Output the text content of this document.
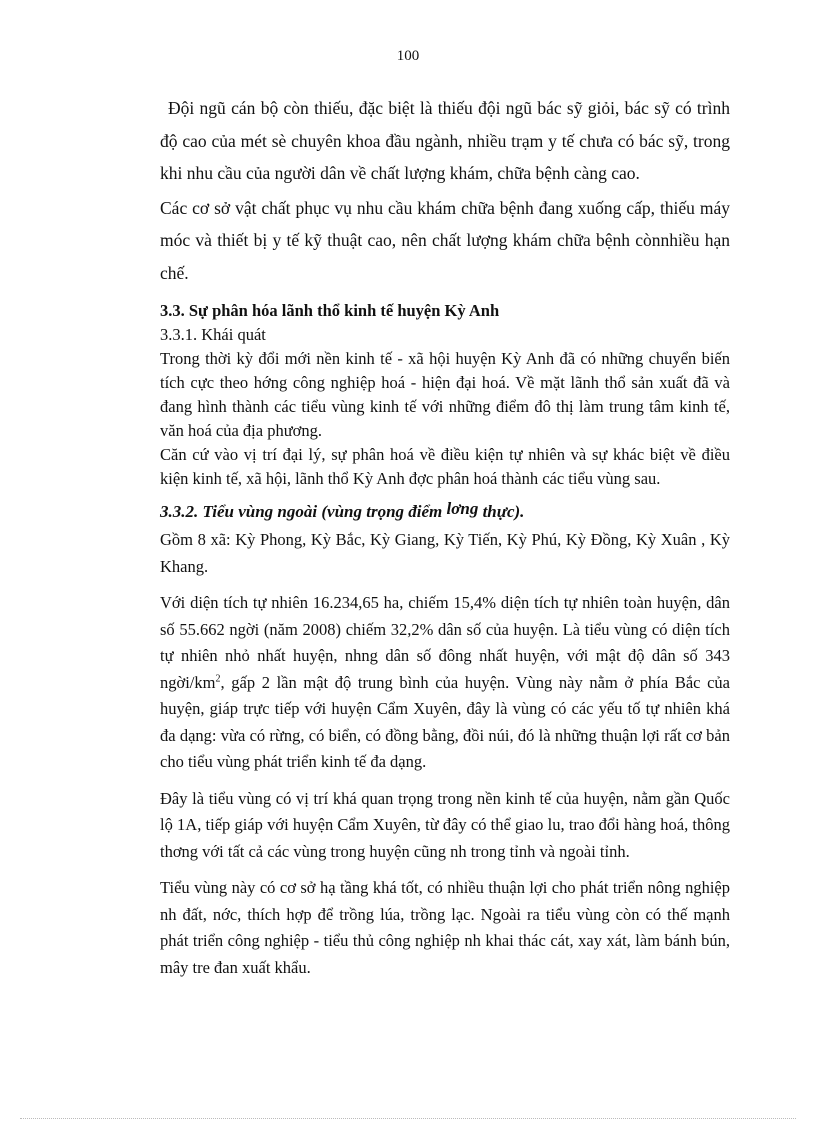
100

Đội ngũ cán bộ còn thiếu, đặc biệt là thiếu đội ngũ bác sỹ giỏi, bác sỹ có trình độ cao của mét sè chuyên khoa đầu ngành, nhiều trạm y tế chưa có bác sỹ, trong khi nhu cầu của người dân về chất lượng khám, chữa bệnh càng cao.

Các cơ sở vật chất phục vụ nhu cầu khám chữa bệnh đang xuống cấp, thiếu máy móc và thiết bị y tế kỹ thuật cao, nên chất lượng khám chữa bệnh cònnhiều hạn chế.

3.3. Sự phân hóa lãnh thổ kinh tế huyện Kỳ Anh
3.3.1. Khái quát

Trong thời kỳ đổi mới nền kinh tế - xã hội huyện Kỳ Anh đã có những chuyển biến tích cực theo hớng công nghiệp hoá - hiện đại hoá. Về mặt lãnh thổ sản xuất đã và đang hình thành các tiểu vùng kinh tế với những điểm đô thị làm trung tâm kinh tế, văn hoá của địa phương.

Căn cứ vào vị trí đại lý, sự phân hoá về điều kiện tự nhiên và sự khác biệt về điều kiện kinh tế, xã hội, lãnh thổ Kỳ Anh đợc phân hoá thành các tiểu vùng sau.

3.3.2. Tiểu vùng ngoài (vùng trọng điểm lơng thực).

Gồm 8 xã: Kỳ Phong, Kỳ Bắc, Kỳ Giang, Kỳ Tiến, Kỳ Phú, Kỳ Đồng, Kỳ Xuân , Kỳ Khang.

Với diện tích tự nhiên 16.234,65 ha, chiếm 15,4% diện tích tự nhiên toàn huyện, dân số 55.662 ngời (năm 2008) chiếm 32,2% dân số của huyện. Là tiểu vùng có diện tích tự nhiên nhỏ nhất huyện, nhng dân số đông nhất huyện, với mật độ dân số 343 ngời/$km^2$, gấp 2 lần mật độ trung bình của huyện. Vùng này nằm ở phía Bắc của huyện, giáp trực tiếp với huyện Cẩm Xuyên, đây là vùng có các yếu tố tự nhiên khá đa dạng: vừa có rừng, có biển, có đồng bằng, đồi núi, đó là những thuận lợi rất cơ bản cho tiểu vùng phát triển kinh tế đa dạng.

Đây là tiểu vùng có vị trí khá quan trọng trong nền kinh tế của huyện, nằm gần Quốc lộ 1A, tiếp giáp với huyện Cẩm Xuyên, từ đây có thể giao lu, trao đổi hàng hoá, thông thơng với tất cả các vùng trong huyện cũng nh trong tỉnh và ngoài tỉnh.

Tiểu vùng này có cơ sở hạ tầng khá tốt, có nhiều thuận lợi cho phát triển nông nghiệp nh đất, nớc, thích hợp để trồng lúa, trồng lạc. Ngoài ra tiểu vùng còn có thế mạnh phát triển công nghiệp - tiểu thủ công nghiệp nh khai thác cát, xay xát, làm bánh bún, mây tre đan xuất khẩu.
